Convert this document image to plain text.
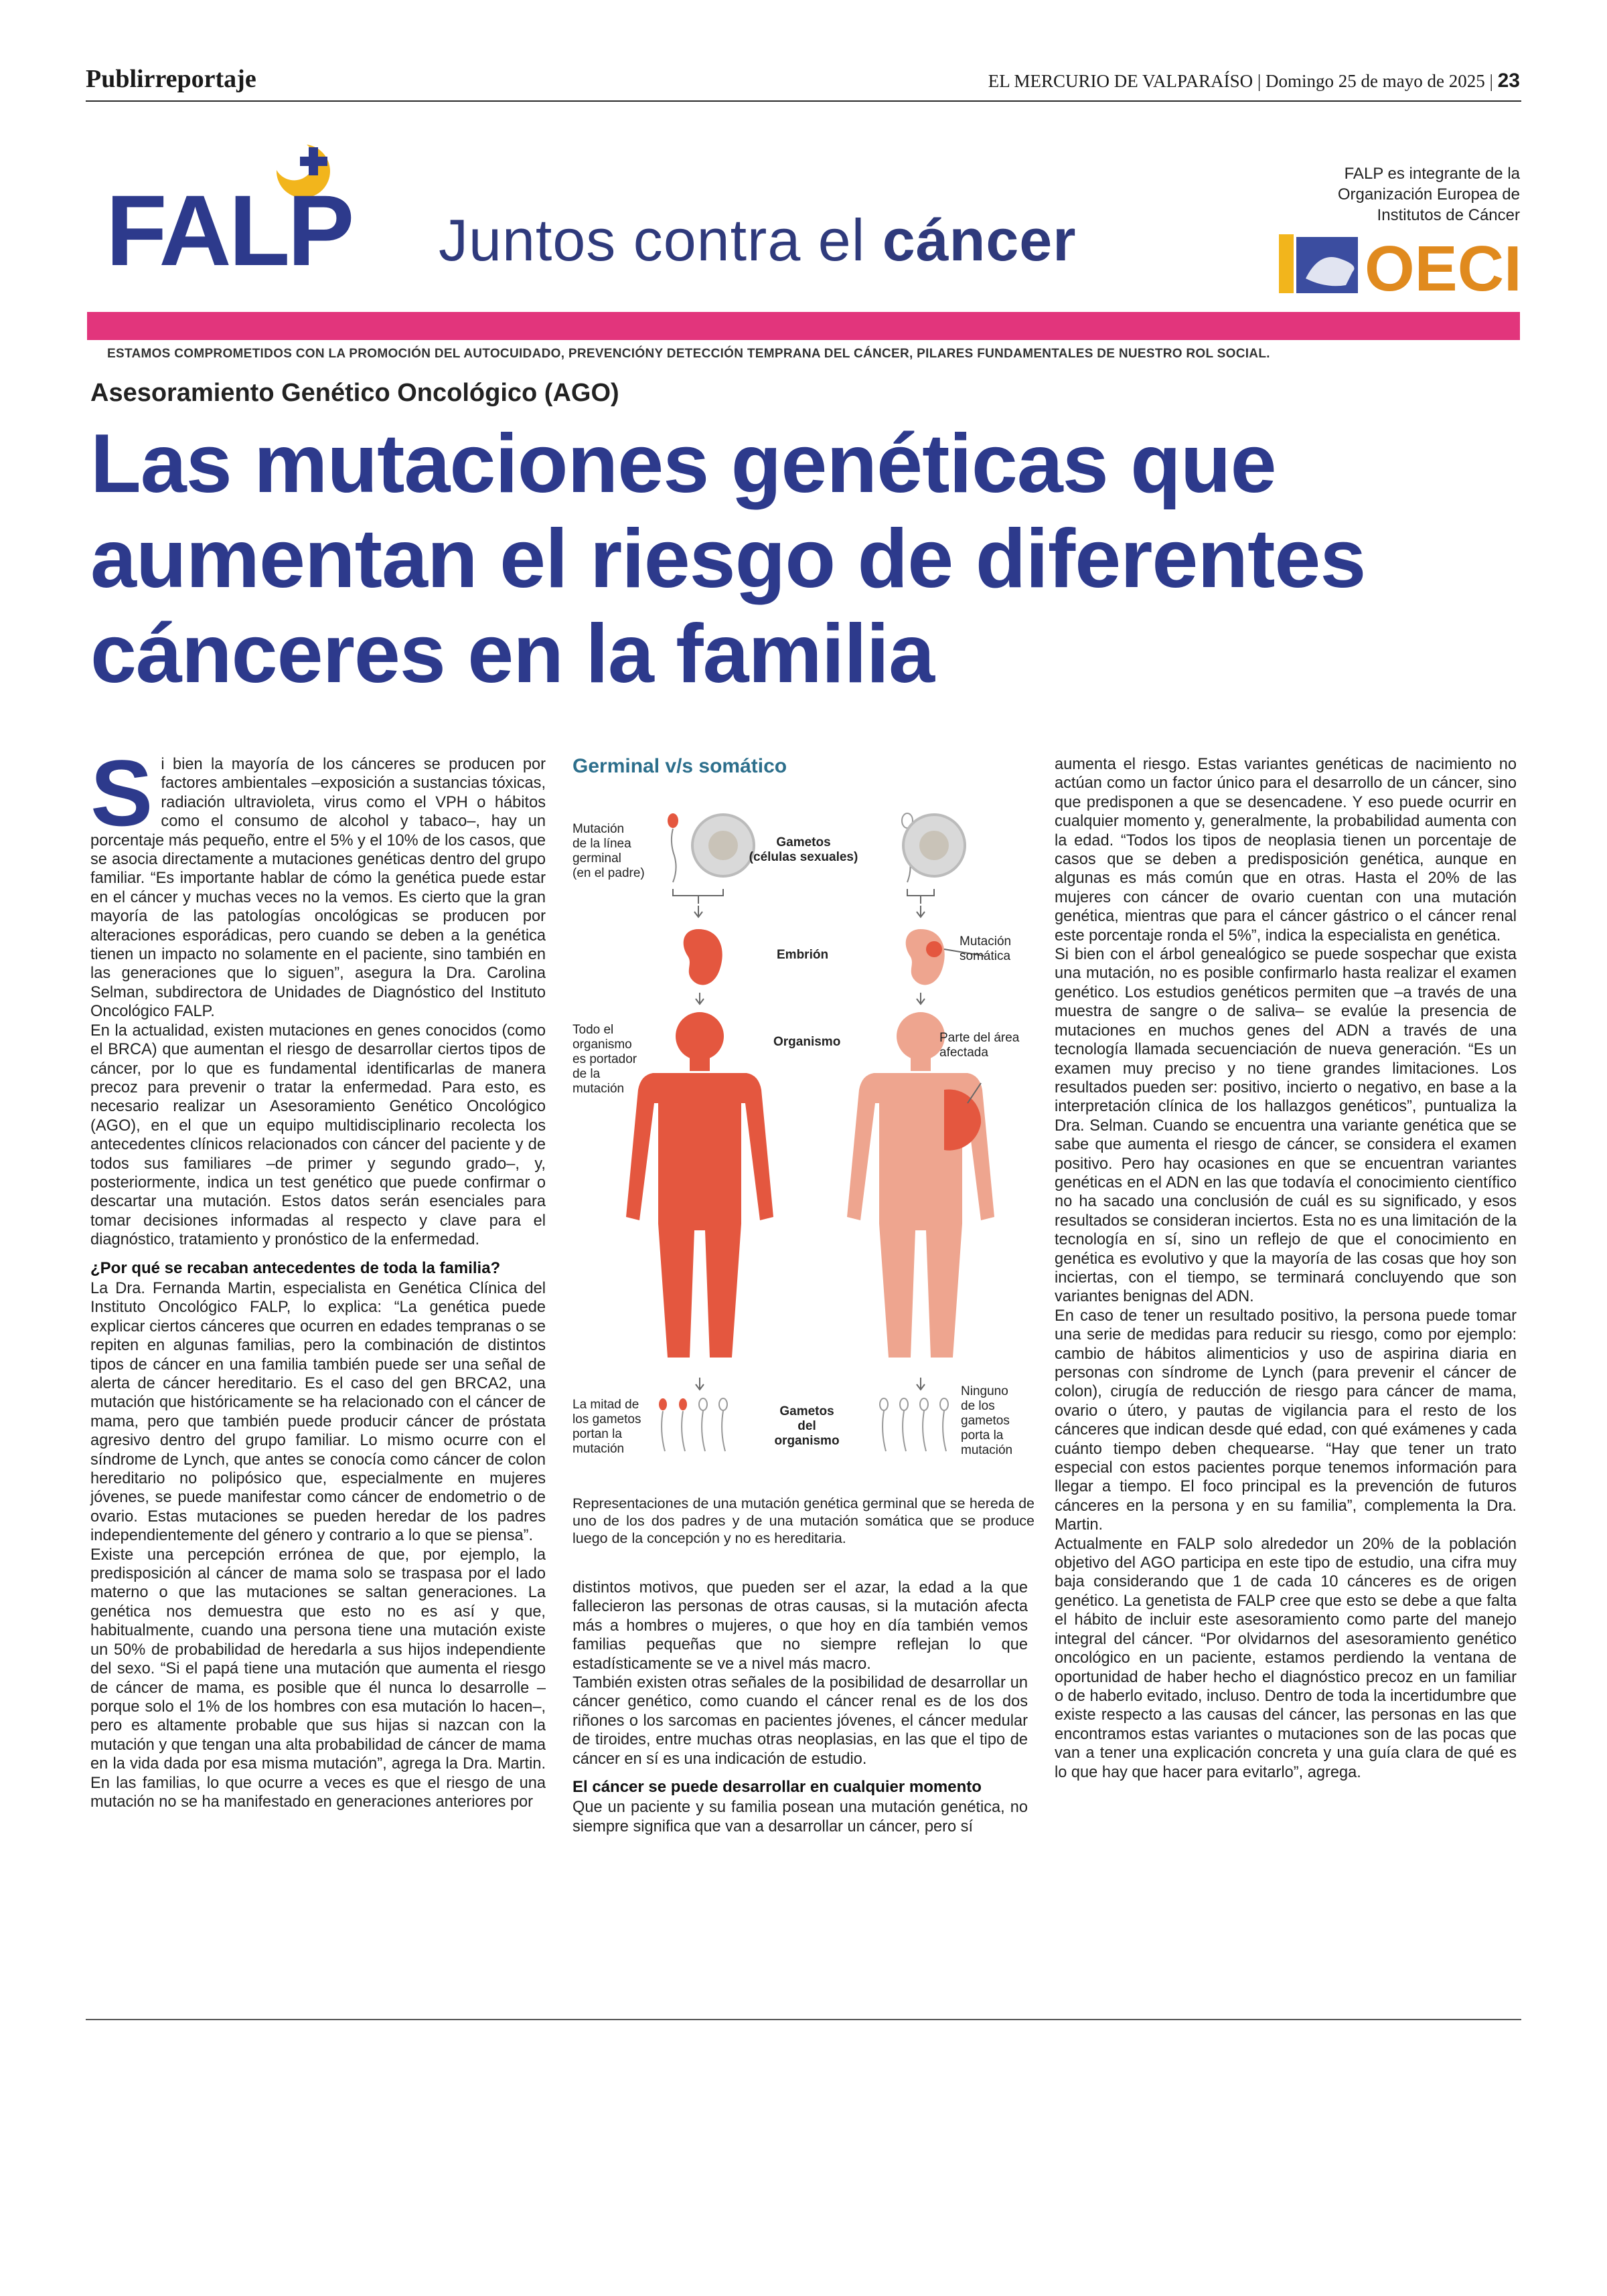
Publirreportaje	EL MERCURIO DE VALPARAÍSO | Domingo 25 de mayo de 2025 | 23
FALP Juntos contra el cáncer
FALP es integrante de la Organización Europea de Institutos de Cáncer
OECI
ESTAMOS COMPROMETIDOS CON LA PROMOCIÓN DEL AUTOCUIDADO, PREVENCIÓNY DETECCIÓN TEMPRANA DEL CÁNCER, PILARES FUNDAMENTALES DE NUESTRO ROL SOCIAL.
Asesoramiento Genético Oncológico (AGO)
Las mutaciones genéticas que
aumentan el riesgo de diferentes
cánceres en la familia

Si bien la mayoría de los cánceres se producen por factores ambientales –exposición a sustancias tóxicas, radiación ultravioleta, virus como el VPH o hábitos como el consumo de alcohol y tabaco–, hay un porcentaje más pequeño, entre el 5% y el 10% de los casos, que se asocia directamente a mutaciones genéticas dentro del grupo familiar. “Es importante hablar de cómo la genética puede estar en el cáncer y muchas veces no la vemos. Es cierto que la gran mayoría de las patologías oncológicas se producen por alteraciones esporádicas, pero cuando se deben a la genética tienen un impacto no solamente en el paciente, sino también en las generaciones que lo siguen”, asegura la Dra. Carolina Selman, subdirectora de Unidades de Diagnóstico del Instituto Oncológico FALP.

En la actualidad, existen mutaciones en genes conocidos (como el BRCA) que aumentan el riesgo de desarrollar ciertos tipos de cáncer, por lo que es fundamental identificarlas de manera precoz para prevenir o tratar la enfermedad. Para esto, es necesario realizar un Asesoramiento Genético Oncológico (AGO), en el que un equipo multidisciplinario recolecta los antecedentes clínicos relacionados con cáncer del paciente y de todos sus familiares –de primer y segundo grado–, y, posteriormente, indica un test genético que puede confirmar o descartar una mutación. Estos datos serán esenciales para tomar decisiones informadas al respecto y clave para el diagnóstico, tratamiento y pronóstico de la enfermedad.

¿Por qué se recaban antecedentes de toda la familia?

La Dra. Fernanda Martin, especialista en Genética Clínica del Instituto Oncológico FALP, lo explica: “La genética puede explicar ciertos cánceres que ocurren en edades tempranas o se repiten en algunas familias, pero la combinación de distintos tipos de cáncer en una familia también puede ser una señal de alerta de cáncer hereditario. Es el caso del gen BRCA2, una mutación que históricamente se ha relacionado con el cáncer de mama, pero que también puede producir cáncer de próstata agresivo dentro del grupo familiar. Lo mismo ocurre con el síndrome de Lynch, que antes se conocía como cáncer de colon hereditario no polipósico que, especialmente en mujeres jóvenes, se puede manifestar como cáncer de endometrio o de ovario. Estas mutaciones se pueden heredar de los padres independientemente del género y contrario a lo que se piensa”.

Existe una percepción errónea de que, por ejemplo, la predisposición al cáncer de mama solo se traspasa por el lado materno o que las mutaciones se saltan generaciones. La genética nos demuestra que esto no es así y que, habitualmente, cuando una persona tiene una mutación existe un 50% de probabilidad de heredarla a sus hijos independiente del sexo. “Si el papá tiene una mutación que aumenta el riesgo de cáncer de mama, es posible que él nunca lo desarrolle –porque solo el 1% de los hombres con esa mutación lo hacen–, pero es altamente probable que sus hijas si nazcan con la mutación y que tengan una alta probabilidad de cáncer de mama en la vida dada por esa misma mutación”, agrega la Dra. Martin. En las familias, lo que ocurre a veces es que el riesgo de una mutación no se ha manifestado en generaciones anteriores por

Germinal v/s somático
Mutación
de la línea
germinal
(en el padre)
Gametos
(células sexuales)
Embrión
Mutación
somática
Todo el
organismo
es portador
de la
mutación
Organismo	Parte del área
afectada
La mitad de
los gametos
portan la
mutación
Gametos
del
organismo
Ninguno
de los
gametos
porta la
mutación
Representaciones de una mutación genética germinal que se hereda de uno de los dos padres y de una mutación somática que se produce luego de la concepción y no es hereditaria.

distintos motivos, que pueden ser el azar, la edad a la que fallecieron las personas de otras causas, si la mutación afecta más a hombres o mujeres, o que hoy en día también vemos familias pequeñas que no siempre reflejan lo que estadísticamente se ve a nivel más macro.

También existen otras señales de la posibilidad de desarrollar un cáncer genético, como cuando el cáncer renal es de los dos riñones o los sarcomas en pacientes jóvenes, el cáncer medular de tiroides, entre muchas otras neoplasias, en las que el tipo de cáncer en sí es una indicación de estudio.

El cáncer se puede desarrollar en cualquier momento

Que un paciente y su familia posean una mutación genética, no siempre significa que van a desarrollar un cáncer, pero sí

aumenta el riesgo. Estas variantes genéticas de nacimiento no actúan como un factor único para el desarrollo de un cáncer, sino que predisponen a que se desencadene. Y eso puede ocurrir en cualquier momento y, generalmente, la probabilidad aumenta con la edad. “Todos los tipos de neoplasia tienen un porcentaje de casos que se deben a predisposición genética, aunque en algunas es más común que en otras. Hasta el 20% de las mujeres con cáncer de ovario cuentan con una mutación genética, mientras que para el cáncer gástrico o el cáncer renal este porcentaje ronda el 5%”, indica la especialista en genética.

Si bien con el árbol genealógico se puede sospechar que exista una mutación, no es posible confirmarlo hasta realizar el examen genético. Los estudios genéticos permiten que –a través de una muestra de sangre o de saliva– se evalúe la presencia de mutaciones en muchos genes del ADN a través de una tecnología llamada secuenciación de nueva generación. “Es un examen muy preciso y no tiene grandes limitaciones. Los resultados pueden ser: positivo, incierto o negativo, en base a la interpretación clínica de los hallazgos genéticos”, puntualiza la Dra. Selman. Cuando se encuentra una variante genética que se sabe que aumenta el riesgo de cáncer, se considera el examen positivo. Pero hay ocasiones en que se encuentran variantes genéticas en el ADN en las que todavía el conocimiento científico no ha sacado una conclusión de cuál es su significado, y esos resultados se consideran inciertos. Esta no es una limitación de la tecnología en sí, sino un reflejo de que el conocimiento en genética es evolutivo y que la mayoría de las cosas que hoy son inciertas, con el tiempo, se terminará concluyendo que son variantes benignas del ADN.

En caso de tener un resultado positivo, la persona puede tomar una serie de medidas para reducir su riesgo, como por ejemplo: cambio de hábitos alimenticios y uso de aspirina diaria en personas con síndrome de Lynch (para prevenir el cáncer de colon), cirugía de reducción de riesgo para cáncer de mama, ovario o útero, y pautas de vigilancia para el resto de los cánceres que indican desde qué edad, con qué exámenes y cada cuánto tiempo deben chequearse. “Hay que tener un trato especial con estos pacientes porque tenemos información para llegar a tiempo. El foco principal es la prevención de futuros cánceres en la persona y en su familia”, complementa la Dra. Martin.

Actualmente en FALP solo alrededor un 20% de la población objetivo del AGO participa en este tipo de estudio, una cifra muy baja considerando que 1 de cada 10 cánceres es de origen genético. La genetista de FALP cree que esto se debe a que falta el hábito de incluir este asesoramiento como parte del manejo integral del cáncer. “Por olvidarnos del asesoramiento genético oncológico en un paciente, estamos perdiendo la ventana de oportunidad de haber hecho el diagnóstico precoz en un familiar o de haberlo evitado, incluso. Dentro de toda la incertidumbre que existe respecto a las causas del cáncer, las personas en las que encontramos estas variantes o mutaciones son de las pocas que van a tener una explicación concreta y una guía clara de qué es lo que hay que hacer para evitarlo”, agrega.
